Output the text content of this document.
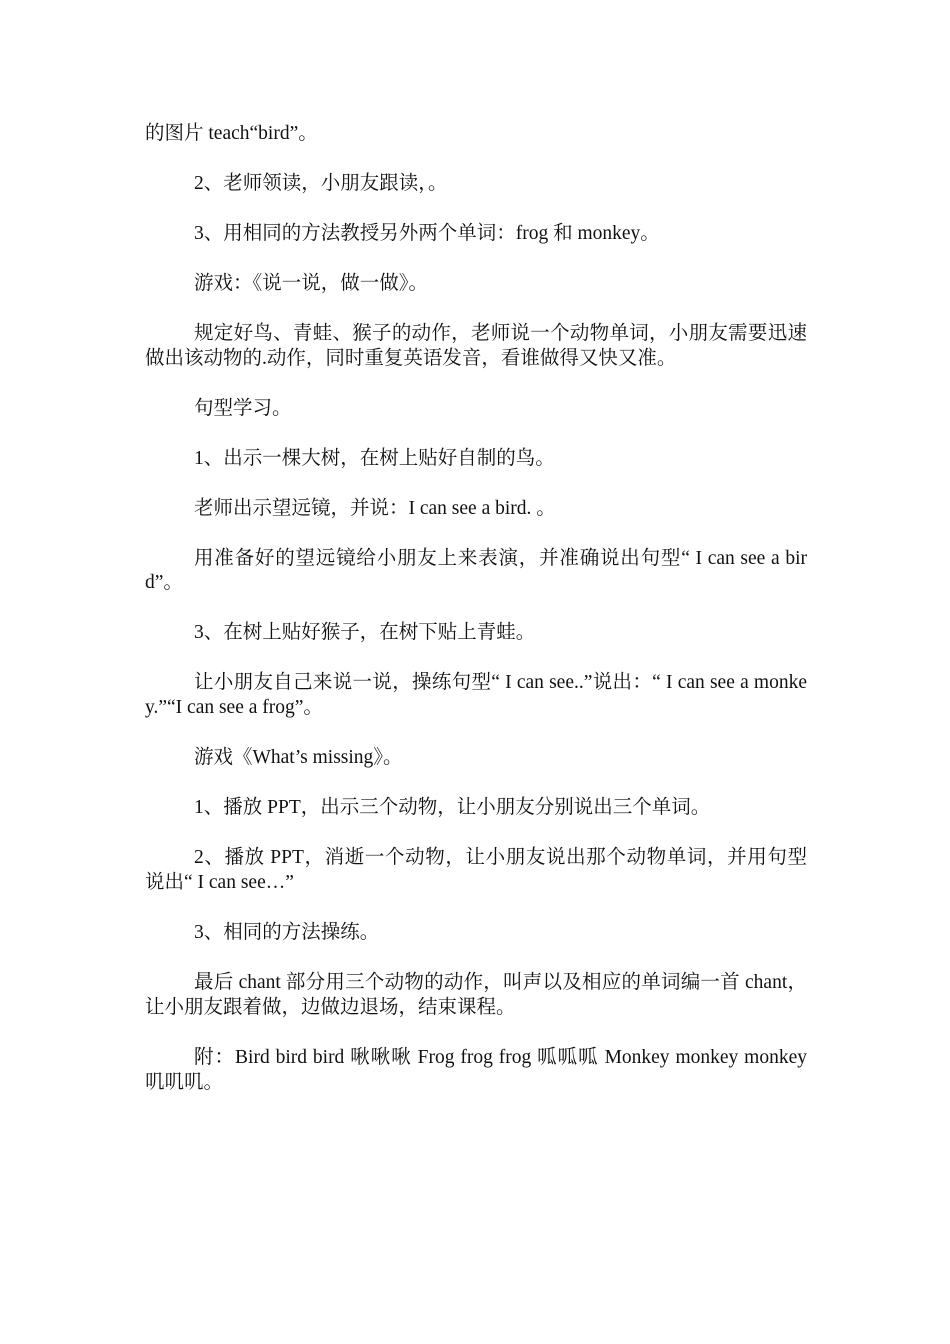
的图片 teach“bird”。

2、老师领读，小朋友跟读，。

3、用相同的方法教授另外两个单词：frog 和 monkey。

游戏：《说一说，做一做》。

规定好鸟、青蛙、猴子的动作，老师说一个动物单词，小朋友需要迅速做出该动物的.动作，同时重复英语发音，看谁做得又快又准。

句型学习。

1、出示一棵大树，在树上贴好自制的鸟。

老师出示望远镜，并说：I can see a bird. 。

用准备好的望远镜给小朋友上来表演，并准确说出句型“ I can see a bird”。

3、在树上贴好猴子，在树下贴上青蛙。

让小朋友自己来说一说，操练句型“ I can see..”说出：“ I can see a monkey.”“I can see a frog”。

游戏《What’s missing》。

1、播放 PPT，出示三个动物，让小朋友分别说出三个单词。

2、播放 PPT，消逝一个动物，让小朋友说出那个动物单词，并用句型说出“ I can see…”

3、相同的方法操练。

最后 chant 部分用三个动物的动作，叫声以及相应的单词编一首 chant，让小朋友跟着做，边做边退场，结束课程。

附：Bird bird bird 啾啾啾 Frog frog frog 呱呱呱 Monkey monkey monkey 叽叽叽。
